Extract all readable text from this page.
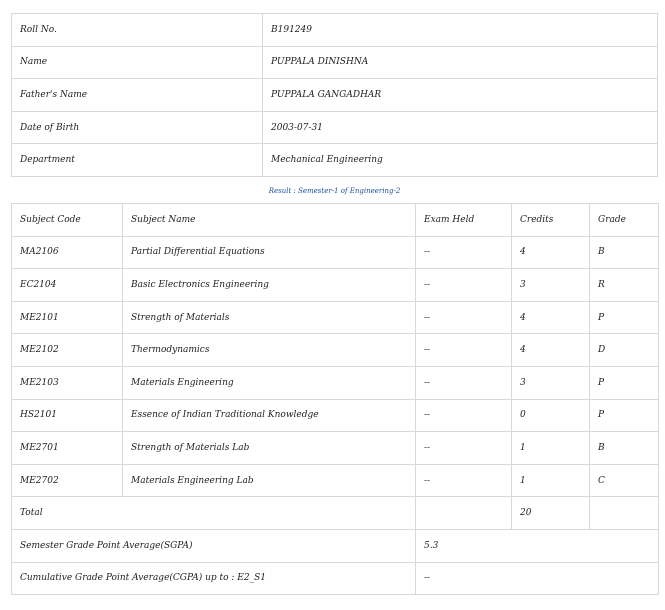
Roll No.	B191249
Name	PUPPALA DINISHNA
Father's Name	PUPPALA GANGADHAR
Date of Birth	2003-07-31
Department	Mechanical Engineering
Result : Semester-1 of Engineering-2
Subject Code	Subject Name	Exam Held	Credits	Grade
MA2106	Partial Differential Equations	--	4	B
EC2104	Basic Electronics Engineering	--	3	R
ME2101	Strength of Materials	--	4	P
ME2102	Thermodynamics	--	4	D
ME2103	Materials Engineering	--	3	P
HS2101	Essence of Indian Traditional Knowledge	--	0	P
ME2701	Strength of Materials Lab	--	1	B
ME2702	Materials Engineering Lab	--	1	C
Total			20	
Semester Grade Point Average(SGPA)		5.3		
Cumulative Grade Point Average(CGPA) up to : E2_S1		--		
